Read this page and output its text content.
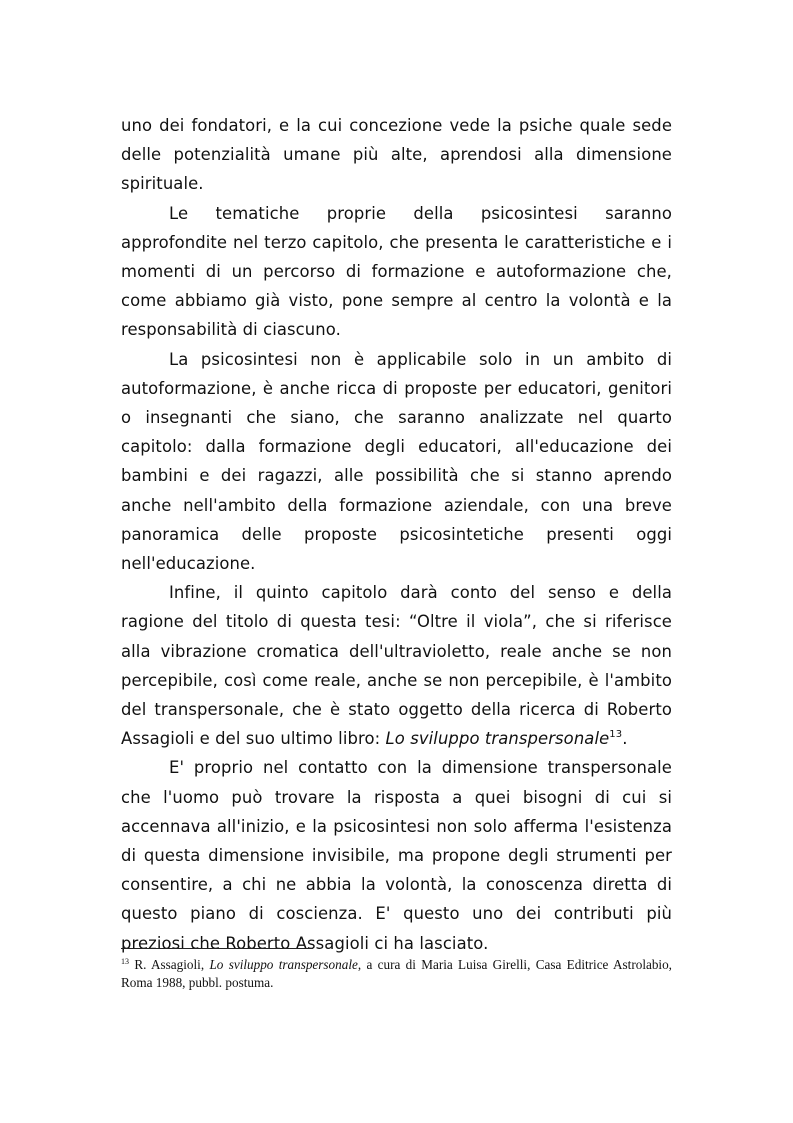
uno dei fondatori, e la cui concezione vede la psiche quale sede delle potenzialità umane più alte, aprendosi alla dimensione spirituale.

Le tematiche proprie della psicosintesi saranno approfondite nel terzo capitolo, che presenta le caratteristiche e i momenti di un percorso di formazione e autoformazione che, come abbiamo già visto, pone sempre al centro la volontà e la responsabilità di ciascuno.

La psicosintesi non è applicabile solo in un ambito di autoformazione, è anche ricca di proposte per educatori, genitori o insegnanti che siano, che saranno analizzate nel quarto capitolo: dalla formazione degli educatori, all'educazione dei bambini e dei ragazzi, alle possibilità che si stanno aprendo anche nell'ambito della formazione aziendale, con una breve panoramica delle proposte psicosintetiche presenti oggi nell'educazione.

Infine, il quinto capitolo darà conto del senso e della ragione del titolo di questa tesi: “Oltre il viola”, che si riferisce alla vibrazione cromatica dell'ultravioletto, reale anche se non percepibile, così come reale, anche se non percepibile, è l'ambito del transpersonale, che è stato oggetto della ricerca di Roberto Assagioli e del suo ultimo libro: Lo sviluppo transpersonale$^{13}$.

E' proprio nel contatto con la dimensione transpersonale che l'uomo può trovare la risposta a quei bisogni di cui si accennava all'inizio, e la psicosintesi non solo afferma l'esistenza di questa dimensione invisibile, ma propone degli strumenti per consentire, a chi ne abbia la volontà, la conoscenza diretta di questo piano di coscienza. E' questo uno dei contributi più preziosi che Roberto Assagioli ci ha lasciato.

$^{13}$ R. Assagioli, Lo sviluppo transpersonale, a cura di Maria Luisa Girelli, Casa Editrice Astrolabio, Roma 1988, pubbl. postuma.
